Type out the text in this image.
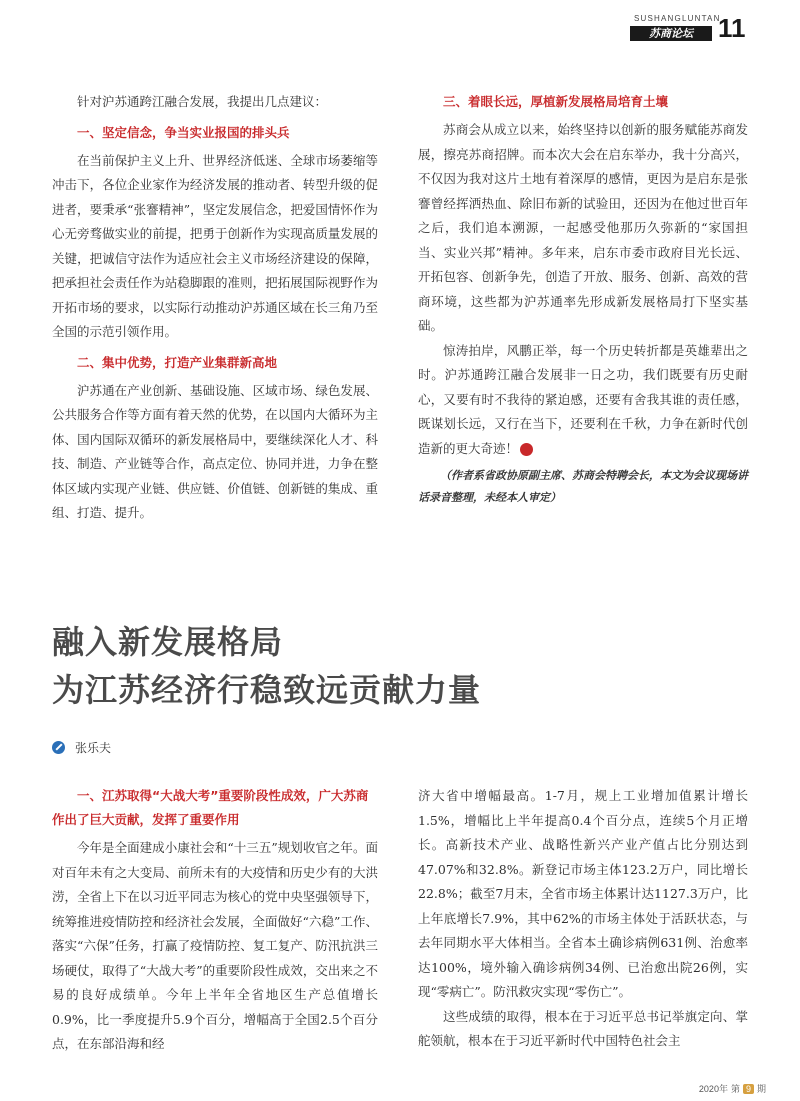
SUSHANGLUNTAN
苏商论坛 11

针对沪苏通跨江融合发展，我提出几点建议：

一、坚定信念，争当实业报国的排头兵

在当前保护主义上升、世界经济低迷、全球市场萎缩等冲击下，各位企业家作为经济发展的推动者、转型升级的促进者，要秉承“张謇精神”，坚定发展信念，把爱国情怀作为心无旁骛做实业的前提，把勇于创新作为实现高质量发展的关键，把诚信守法作为适应社会主义市场经济建设的保障，把承担社会责任作为站稳脚跟的准则，把拓展国际视野作为开拓市场的要求，以实际行动推动沪苏通区域在长三角乃至全国的示范引领作用。

二、集中优势，打造产业集群新高地

沪苏通在产业创新、基础设施、区域市场、绿色发展、公共服务合作等方面有着天然的优势，在以国内大循环为主体、国内国际双循环的新发展格局中，要继续深化人才、科技、制造、产业链等合作，高点定位、协同并进，力争在整体区域内实现产业链、供应链、价值链、创新链的集成、重组、打造、提升。

三、着眼长远，厚植新发展格局培育土壤

苏商会从成立以来，始终坚持以创新的服务赋能苏商发展，擦亮苏商招牌。而本次大会在启东举办，我十分高兴，不仅因为我对这片土地有着深厚的感情，更因为是启东是张謇曾经挥洒热血、除旧布新的试验田，还因为在他过世百年之后，我们追本溯源，一起感受他那历久弥新的“家国担当、实业兴邦”精神。多年来，启东市委市政府目光长远、开拓包容、创新争先，创造了开放、服务、创新、高效的营商环境，这些都为沪苏通率先形成新发展格局打下坚实基础。

惊涛拍岸，风鹏正举，每一个历史转折都是英雄辈出之时。沪苏通跨江融合发展非一日之功，我们既要有历史耐心，又要有时不我待的紧迫感，还要有舍我其谁的责任感，既谋划长远，又行在当下，还要利在千秋，力争在新时代创造新的更大奇迹！

（作者系省政协原副主席、苏商会特聘会长，本文为会议现场讲话录音整理，未经本人审定）

融入新发展格局
为江苏经济行稳致远贡献力量
张乐夫
一、江苏取得“大战大考”重要阶段性成效，广大苏商作出了巨大贡献，发挥了重要作用

今年是全面建成小康社会和“十三五”规划收官之年。面对百年未有之大变局、前所未有的大疫情和历史少有的大洪涝，全省上下在以习近平同志为核心的党中央坚强领导下，统筹推进疫情防控和经济社会发展，全面做好“六稳”工作、落实“六保”任务，打赢了疫情防控、复工复产、防汛抗洪三场硬仗，取得了“大战大考”的重要阶段性成效，交出来之不易的良好成绩单。今年上半年全省地区生产总值增长0.9%，比一季度提升5.9个百分，增幅高于全国2.5个百分点，在东部沿海和经

济大省中增幅最高。1-7月，规上工业增加值累计增长1.5%，增幅比上半年提高0.4个百分点，连续5个月正增长。高新技术产业、战略性新兴产业产值占比分别达到47.07%和32.8%。新登记市场主体123.2万户，同比增长22.8%；截至7月末，全省市场主体累计达1127.3万户，比上年底增长7.9%，其中62%的市场主体处于活跃状态，与去年同期水平大体相当。全省本土确诊病例631例、治愈率达100%，境外输入确诊病例34例、已治愈出院26例，实现“零病亡”。防汛救灾实现“零伤亡”。

这些成绩的取得，根本在于习近平总书记举旗定向、掌舵领航，根本在于习近平新时代中国特色社会主

2020年 第 9 期
